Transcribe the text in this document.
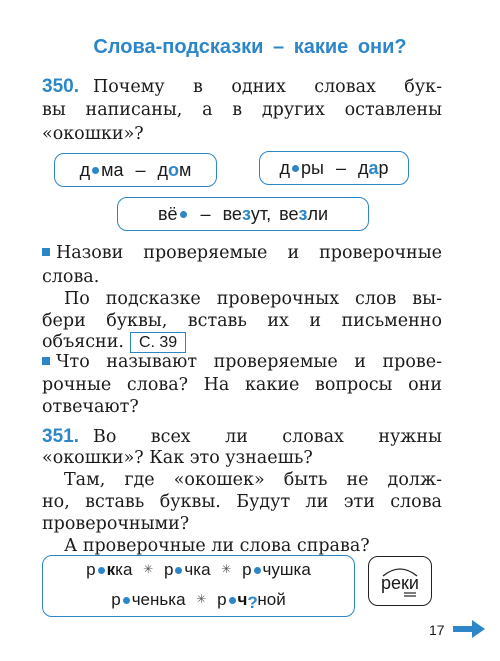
Слова-подсказки – какие они?
350. Почему в одних словах бук-
вы написаны, а в других оставлены
«окошки»?
д ма – д о м	д ры – д а р
вё – ве з ут, ве з ли
Назови проверяемые и проверочные
слова.
По подсказке проверочных слов вы-
бери буквы, вставь их и письменно
объясни. С. 39
Что называют проверяемые и прове-
рочные слова? На какие вопросы они
отвечают?
351. Во всех ли словах нужны
«окошки»? Как это узнаешь?
Там, где «окошек» быть не долж-
но, вставь буквы. Будут ли эти слова
проверочными?
А проверочные ли слова справа?
р кка ✳ р чка ✳ р чушка
р ченька ✳ р ч ? ной
реки
17
